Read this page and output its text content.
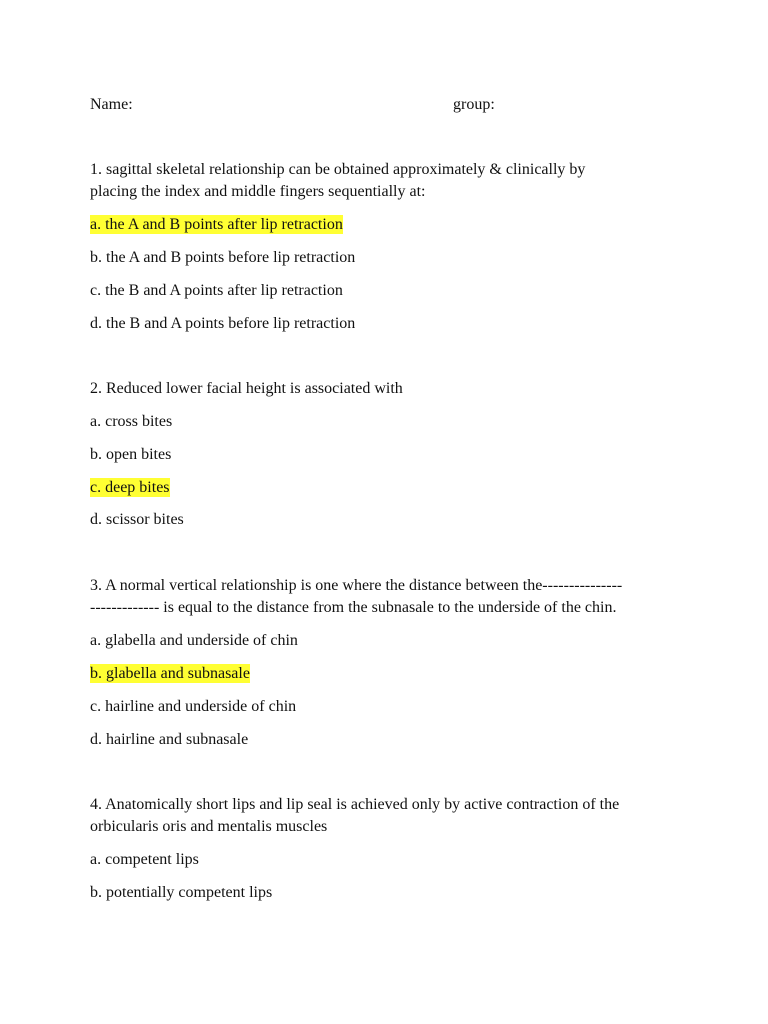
Name:	group:
1. sagittal skeletal relationship can be obtained approximately & clinically by
placing the index and middle fingers sequentially at:
a. the A and B points after lip retraction
b. the A and B points before lip retraction
c. the B and A points after lip retraction
d. the B and A points before lip retraction
2. Reduced lower facial height is associated with
a. cross bites
b. open bites
c. deep bites
d. scissor bites
3. A normal vertical relationship is one where the distance between the---------------
------------- is equal to the distance from the subnasale to the underside of the chin.
a. glabella and underside of chin
b. glabella and subnasale
c. hairline and underside of chin
d. hairline and subnasale
4. Anatomically short lips and lip seal is achieved only by active contraction of the
orbicularis oris and mentalis muscles
a. competent lips
b. potentially competent lips
